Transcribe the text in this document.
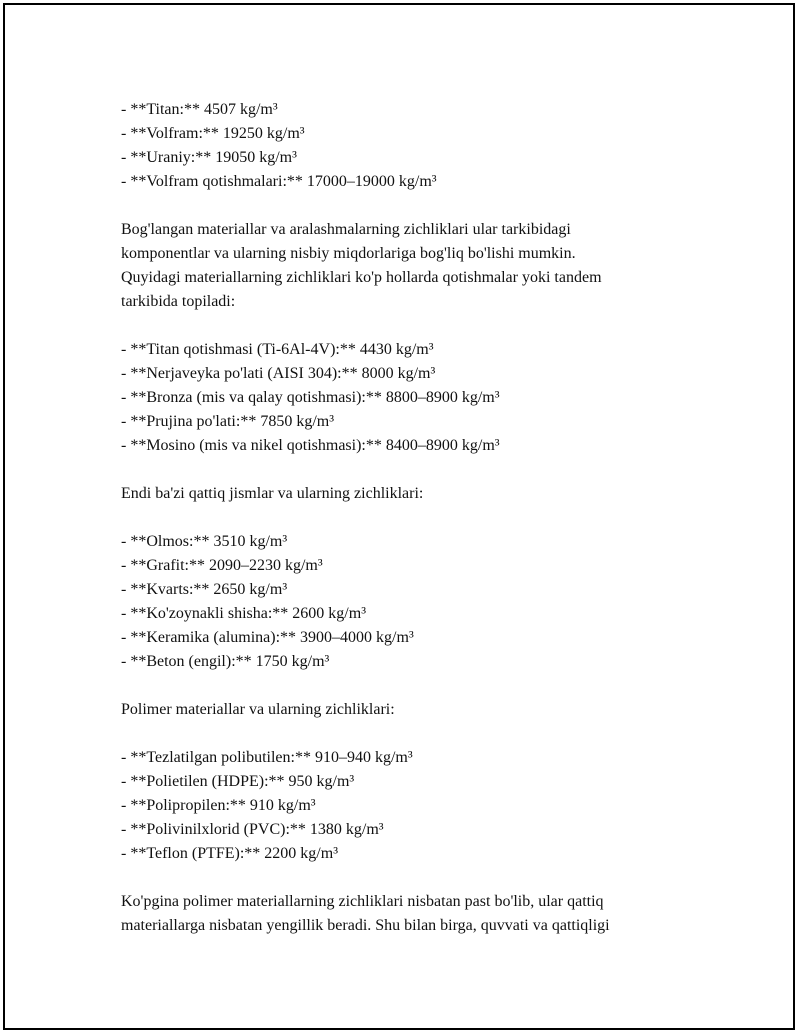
- **Titan:** 4507 kg/m³
- **Volfram:** 19250 kg/m³
- **Uraniy:** 19050 kg/m³
- **Volfram qotishmalari:** 17000–19000 kg/m³

Bog'langan materiallar va aralashmalarning zichliklari ular tarkibidagi
komponentlar va ularning nisbiy miqdorlariga bog'liq bo'lishi mumkin.
Quyidagi materiallarning zichliklari ko'p hollarda qotishmalar yoki tandem
tarkibida topiladi:

- **Titan qotishmasi (Ti-6Al-4V):** 4430 kg/m³
- **Nerjaveyka po'lati (AISI 304):** 8000 kg/m³
- **Bronza (mis va qalay qotishmasi):** 8800–8900 kg/m³
- **Prujina po'lati:** 7850 kg/m³
- **Mosino (mis va nikel qotishmasi):** 8400–8900 kg/m³

Endi ba'zi qattiq jismlar va ularning zichliklari:

- **Olmos:** 3510 kg/m³
- **Grafit:** 2090–2230 kg/m³
- **Kvarts:** 2650 kg/m³
- **Ko'zoynakli shisha:** 2600 kg/m³
- **Keramika (alumina):** 3900–4000 kg/m³
- **Beton (engil):** 1750 kg/m³

Polimer materiallar va ularning zichliklari:

- **Tezlatilgan polibutilen:** 910–940 kg/m³
- **Polietilen (HDPE):** 950 kg/m³
- **Polipropilen:** 910 kg/m³
- **Polivinilxlorid (PVC):** 1380 kg/m³
- **Teflon (PTFE):** 2200 kg/m³

Ko'pgina polimer materiallarning zichliklari nisbatan past bo'lib, ular qattiq
materiallarga nisbatan yengillik beradi. Shu bilan birga, quvvati va qattiqligi
